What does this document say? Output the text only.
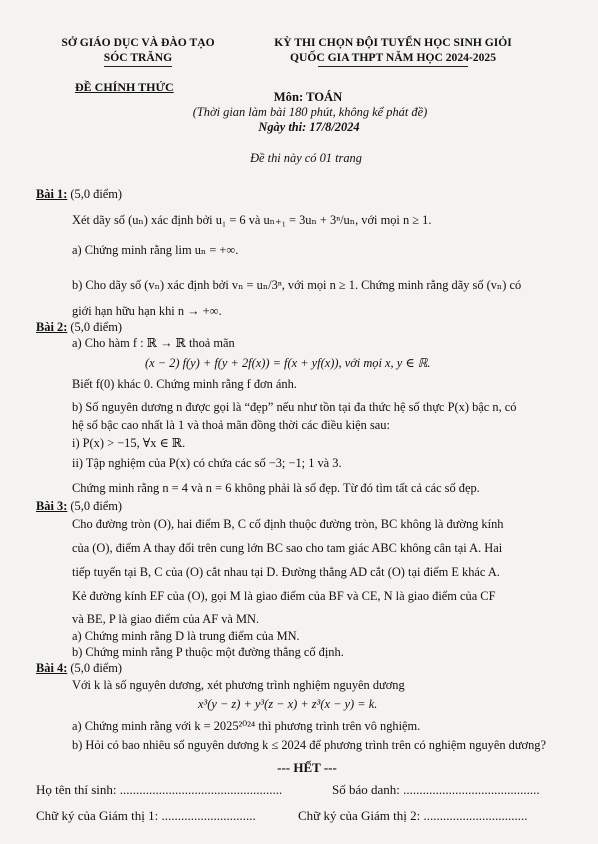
SỞ GIÁO DỤC VÀ ĐÀO TẠO
SÓC TRĂNG
KỲ THI CHỌN ĐỘI TUYỂN HỌC SINH GIỎI
QUỐC GIA THPT NĂM HỌC 2024-2025
ĐỀ CHÍNH THỨC
Môn: TOÁN
(Thời gian làm bài 180 phút, không kể phát đề)
Ngày thi: 17/8/2024
Đề thi này có 01 trang
Bài 1: (5,0 điểm)
Xét dãy số (uₙ) xác định bởi u₁ = 6 và uₙ₊₁ = 3uₙ + 3ⁿ/uₙ, với mọi n ≥ 1.
a) Chứng minh rằng lim uₙ = +∞.
b) Cho dãy số (vₙ) xác định bởi vₙ = uₙ/3ⁿ, với mọi n ≥ 1. Chứng minh rằng dãy số (vₙ) có
giới hạn hữu hạn khi n → +∞.
Bài 2: (5,0 điểm)
a) Cho hàm f : ℝ → ℝ thoả mãn
(x − 2) f(y) + f(y + 2f(x)) = f(x + yf(x)), với mọi x, y ∈ ℝ.
Biết f(0) khác 0. Chứng minh rằng f đơn ánh.
b) Số nguyên dương n được gọi là “đẹp” nếu như tồn tại đa thức hệ số thực P(x) bậc n, có
hệ số bậc cao nhất là 1 và thoả mãn đồng thời các điều kiện sau:
i) P(x) > −15, ∀x ∈ ℝ.
ii) Tập nghiệm của P(x) có chứa các số −3; −1; 1 và 3.
Chứng minh rằng n = 4 và n = 6 không phải là số đẹp. Từ đó tìm tất cả các số đẹp.
Bài 3: (5,0 điểm)
Cho đường tròn (O), hai điểm B, C cố định thuộc đường tròn, BC không là đường kính
của (O), điểm A thay đổi trên cung lớn BC sao cho tam giác ABC không cân tại A. Hai
tiếp tuyến tại B, C của (O) cắt nhau tại D. Đường thẳng AD cắt (O) tại điểm E khác A.
Kẻ đường kính EF của (O), gọi M là giao điểm của BF và CE, N là giao điểm của CF
và BE, P là giao điểm của AF và MN.
a) Chứng minh rằng D là trung điểm của MN.
b) Chứng minh rằng P thuộc một đường thẳng cố định.
Bài 4: (5,0 điểm)
Với k là số nguyên dương, xét phương trình nghiệm nguyên dương
x³(y − z) + y³(z − x) + z³(x − y) = k.
a) Chứng minh rằng với k = 2025²⁰²⁴ thì phương trình trên vô nghiệm.
b) Hỏi có bao nhiêu số nguyên dương k ≤ 2024 để phương trình trên có nghiệm nguyên dương?
--- HẾT ---
Họ tên thí sinh: ..................................................	Số báo danh: ..........................................
Chữ ký của Giám thị 1: .............................	Chữ ký của Giám thị 2: ................................
